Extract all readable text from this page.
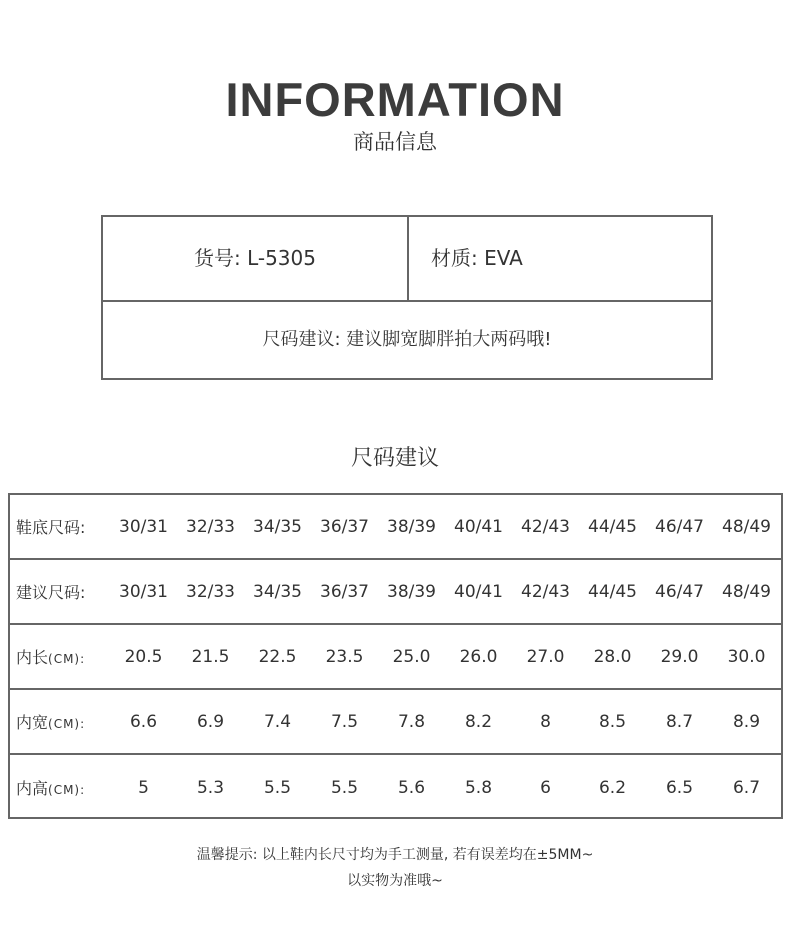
INFORMATION
商品信息
货号: L-5305	材质: EVA
尺码建议: 建议脚宽脚胖拍大两码哦!
尺码建议
鞋底尺码:	30/31	32/33	34/35	36/37	38/39	40/41	42/43	44/45	46/47	48/49
建议尺码:	30/31	32/33	34/35	36/37	38/39	40/41	42/43	44/45	46/47	48/49
内长(CM):	20.5	21.5	22.5	23.5	25.0	26.0	27.0	28.0	29.0	30.0
内宽(CM):	6.6	6.9	7.4	7.5	7.8	8.2	8	8.5	8.7	8.9
内高(CM):	5	5.3	5.5	5.5	5.6	5.8	6	6.2	6.5	6.7
温馨提示: 以上鞋内长尺寸均为手工测量, 若有误差均在±5MM~
以实物为准哦~
